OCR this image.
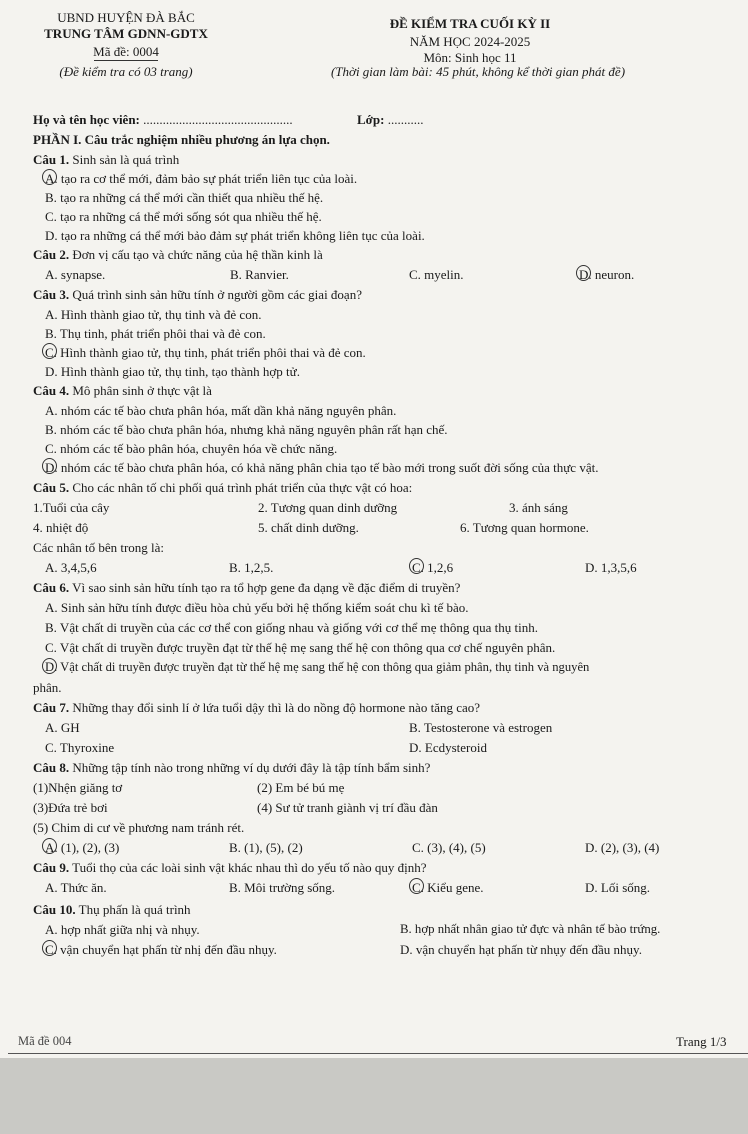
UBND HUYỆN ĐÀ BẮC
TRUNG TÂM GDNN-GDTX
Mã đề: 0004
(Đề kiểm tra có 03 trang)
ĐỀ KIỂM TRA CUỐI KỲ II
NĂM HỌC 2024-2025
Môn: Sinh học 11
(Thời gian làm bài: 45 phút, không kể thời gian phát đề)
Họ và tên học viên: ..............................................	Lớp: ...........
PHẦN I. Câu trắc nghiệm nhiều phương án lựa chọn.
Câu 1. Sinh sản là quá trình
A. tạo ra cơ thể mới, đảm bảo sự phát triển liên tục của loài.
B. tạo ra những cá thể mới cần thiết qua nhiều thế hệ.
C. tạo ra những cá thể mới sống sót qua nhiều thế hệ.
D. tạo ra những cá thể mới bảo đảm sự phát triển không liên tục của loài.
Câu 2. Đơn vị cấu tạo và chức năng của hệ thần kinh là
A. synapse.	B. Ranvier.	C. myelin.	D. neuron.
Câu 3. Quá trình sinh sản hữu tính ở người gồm các giai đoạn?
A. Hình thành giao tử, thụ tinh và đẻ con.
B. Thụ tinh, phát triển phôi thai và đẻ con.
C. Hình thành giao tử, thụ tinh, phát triển phôi thai và đẻ con.
D. Hình thành giao tử, thụ tinh, tạo thành hợp tử.
Câu 4. Mô phân sinh ở thực vật là
A. nhóm các tế bào chưa phân hóa, mất dần khả năng nguyên phân.
B. nhóm các tế bào chưa phân hóa, nhưng khả năng nguyên phân rất hạn chế.
C. nhóm các tế bào phân hóa, chuyên hóa về chức năng.
D. nhóm các tế bào chưa phân hóa, có khả năng phân chia tạo tế bào mới trong suốt đời sống của thực vật.
Câu 5. Cho các nhân tố chi phối quá trình phát triển của thực vật có hoa:
1.Tuổi của cây	2. Tương quan dinh dưỡng	3. ánh sáng
4. nhiệt độ	5. chất dinh dưỡng.	6. Tương quan hormone.
Các nhân tố bên trong là:
A. 3,4,5,6	B. 1,2,5.	C. 1,2,6	D. 1,3,5,6
Câu 6. Vì sao sinh sản hữu tính tạo ra tổ hợp gene đa dạng về đặc điểm di truyền?
A. Sinh sản hữu tính được điều hòa chủ yếu bởi hệ thống kiểm soát chu kì tế bào.
B. Vật chất di truyền của các cơ thể con giống nhau và giống với cơ thể mẹ thông qua thụ tinh.
C. Vật chất di truyền được truyền đạt từ thế hệ mẹ sang thế hệ con thông qua cơ chế nguyên phân.
D. Vật chất di truyền được truyền đạt từ thế hệ mẹ sang thế hệ con thông qua giảm phân, thụ tinh và nguyên
phân.
Câu 7. Những thay đổi sinh lí ở lứa tuổi dậy thì là do nồng độ hormone nào tăng cao?
A. GH	B. Testosterone và estrogen
C. Thyroxine	D. Ecdysteroid
Câu 8. Những tập tính nào trong những ví dụ dưới đây là tập tính bẩm sinh?
(1)Nhện giăng tơ	(2) Em bé bú mẹ
(3)Đứa trẻ bơi	(4) Sư tử tranh giành vị trí đầu đàn
(5) Chim di cư về phương nam tránh rét.
A. (1), (2), (3)	B. (1), (5), (2)	C. (3), (4), (5)	D. (2), (3), (4)
Câu 9. Tuổi thọ của các loài sinh vật khác nhau thì do yếu tố nào quy định?
A. Thức ăn.	B. Môi trường sống.	C. Kiểu gene.	D. Lối sống.
Câu 10. Thụ phấn là quá trình
A. hợp nhất giữa nhị và nhụy.	B. hợp nhất nhân giao tử đực và nhân tế bào trứng.
C. vận chuyển hạt phấn từ nhị đến đầu nhụy.	D. vận chuyển hạt phấn từ nhụy đến đầu nhụy.
Mã đề 004	Trang 1/3
